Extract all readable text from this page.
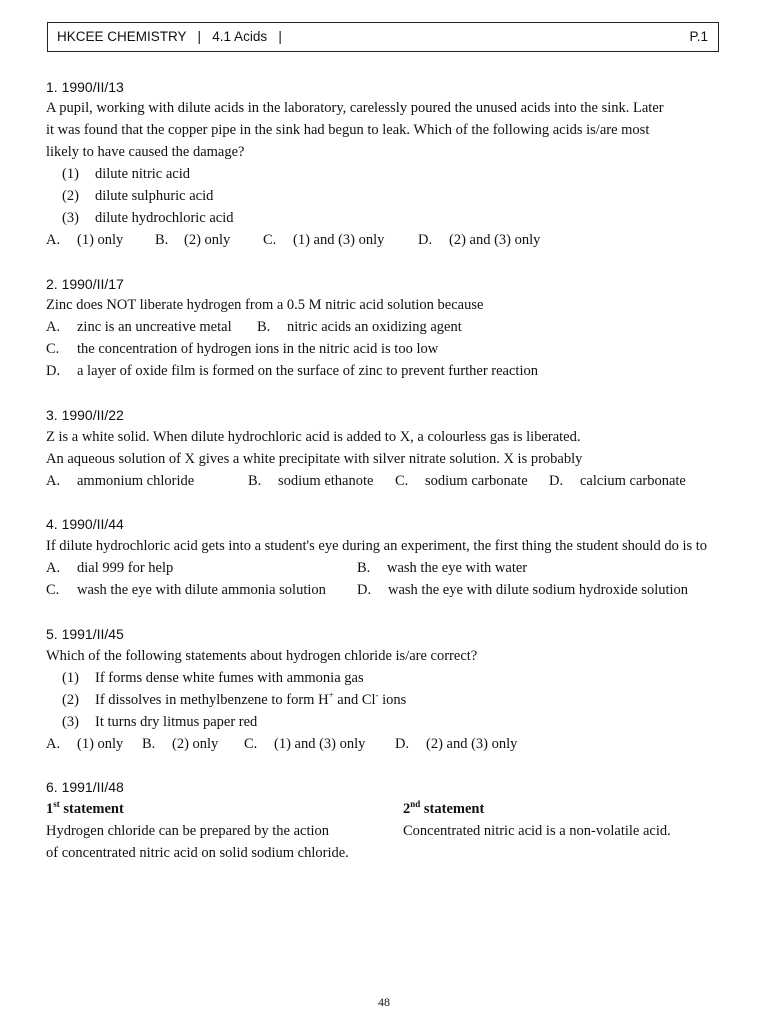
HKCEE CHEMISTRY   |   4.1 Acids   |	P.1
1. 1990/II/13
A pupil, working with dilute acids in the laboratory, carelessly poured the unused acids into the sink. Later
it was found that the copper pipe in the sink had begun to leak. Which of the following acids is/are most
likely to have caused the damage?
(1) dilute nitric acid
(2) dilute sulphuric acid
(3) dilute hydrochloric acid
A. (1) only B. (2) only C. (1) and (3) only D. (2) and (3) only
2. 1990/II/17
Zinc does NOT liberate hydrogen from a 0.5 M nitric acid solution because
A. zinc is an uncreative metal B. nitric acids an oxidizing agent
C. the concentration of hydrogen ions in the nitric acid is too low
D. a layer of oxide film is formed on the surface of zinc to prevent further reaction
3. 1990/II/22
Z is a white solid. When dilute hydrochloric acid is added to X, a colourless gas is liberated.
An aqueous solution of X gives a white precipitate with silver nitrate solution. X is probably
A. ammonium chloride	B. sodium ethanote C. sodium carbonate D. calcium carbonate
4. 1990/II/44
If dilute hydrochloric acid gets into a student's eye during an experiment, the first thing the student should do is to
A. dial 999 for help	B. wash the eye with water
C. wash the eye with dilute ammonia solution D. wash the eye with dilute sodium hydroxide solution
5. 1991/II/45
Which of the following statements about hydrogen chloride is/are correct?
(1) If forms dense white fumes with ammonia gas
(2) If dissolves in methylbenzene to form H+ and Cl- ions
(3) It turns dry litmus paper red
A. (1) only B. (2) only C. (1) and (3) only D. (2) and (3) only
6. 1991/II/48
1st statement	2nd statement
Hydrogen chloride can be prepared by the action
of concentrated nitric acid on solid sodium chloride.
Concentrated nitric acid is a non-volatile acid.
48
